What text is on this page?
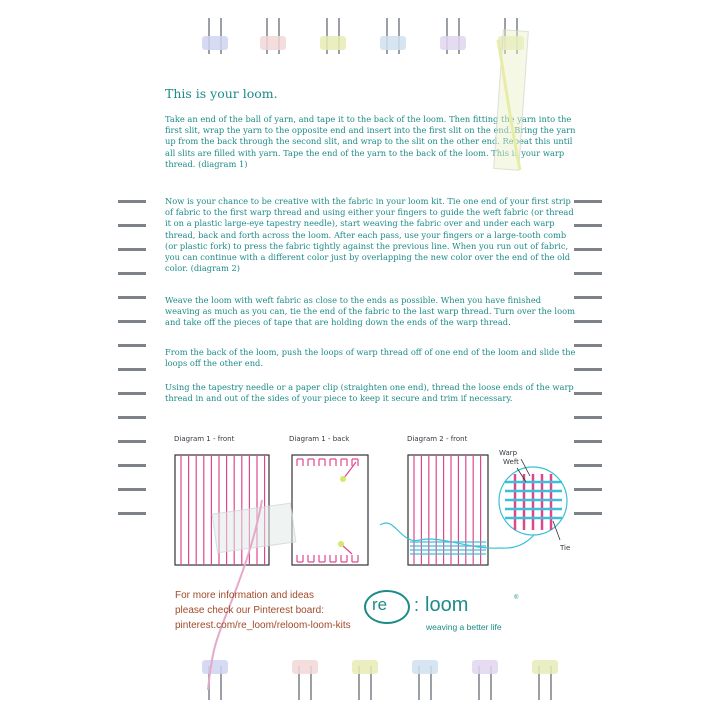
This is your loom.
Take an end of the ball of yarn, and tape it to the back of the loom. Then fitting the yarn into the first slit, wrap the yarn to the opposite end and insert into the first slit on the end. Bring the yarn up from the back through the second slit, and wrap to the slit on the other end. Repeat this until all slits are filled with yarn. Tape the end of the yarn to the back of the loom. This is your warp thread. (diagram 1)
Now is your chance to be creative with the fabric in your loom kit. Tie one end of your first strip of fabric to the first warp thread and using either your fingers to guide the weft fabric (or thread it on a plastic large-eye tapestry needle), start weaving the fabric over and under each warp thread, back and forth across the loom. After each pass, use your fingers or a large-tooth comb (or plastic fork) to press the fabric tightly against the previous line. When you run out of fabric, you can continue with a different color just by overlapping the new color over the end of the old color. (diagram 2)
Weave the loom with weft fabric as close to the ends as possible. When you have finished weaving as much as you can, tie the end of the fabric to the last warp thread. Turn over the loom and take off the pieces of tape that are holding down the ends of the warp thread.
From the back of the loom, push the loops of warp thread off of one end of the loom and slide the loops off the other end.
Using the tapestry needle or a paper clip (straighten one end), thread the loose ends of the warp thread in and out of the sides of your piece to keep it secure and trim if necessary.
Diagram 1 - front	Diagram 1 - back	Diagram 2 - front
Warp
Weft
Tie
For more information and ideas
please check our Pinterest board:
pinterest.com/re_loom/reloom-loom-kits
re : loom	®
weaving a better life
